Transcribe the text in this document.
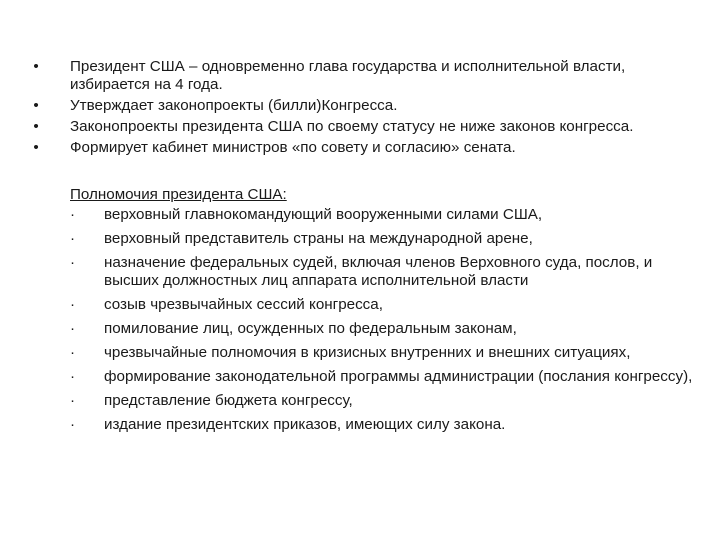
• Президент США – одновременно глава государства и исполнительной власти, избирается на 4 года.
• Утверждает законопроекты (билли)Конгресса.
• Законопроекты президента США по своему статусу не ниже законов конгресса.
• Формирует кабинет министров «по совету и согласию» сената.
Полномочия президента США:
·	верховный главнокомандующий вооруженными силами США,
·	верховный представитель страны на международной арене,
·	назначение федеральных судей, включая членов Верховного суда, послов, и высших должностных лиц аппарата исполнительной власти
·	созыв чрезвычайных сессий конгресса,
·	помилование лиц, осужденных по федеральным законам,
·	чрезвычайные полномочия в кризисных внутренних и внешних ситуациях,
·	формирование законодательной программы администрации (послания конгрессу),
·	представление бюджета конгрессу,
·	издание президентских приказов, имеющих силу закона.
